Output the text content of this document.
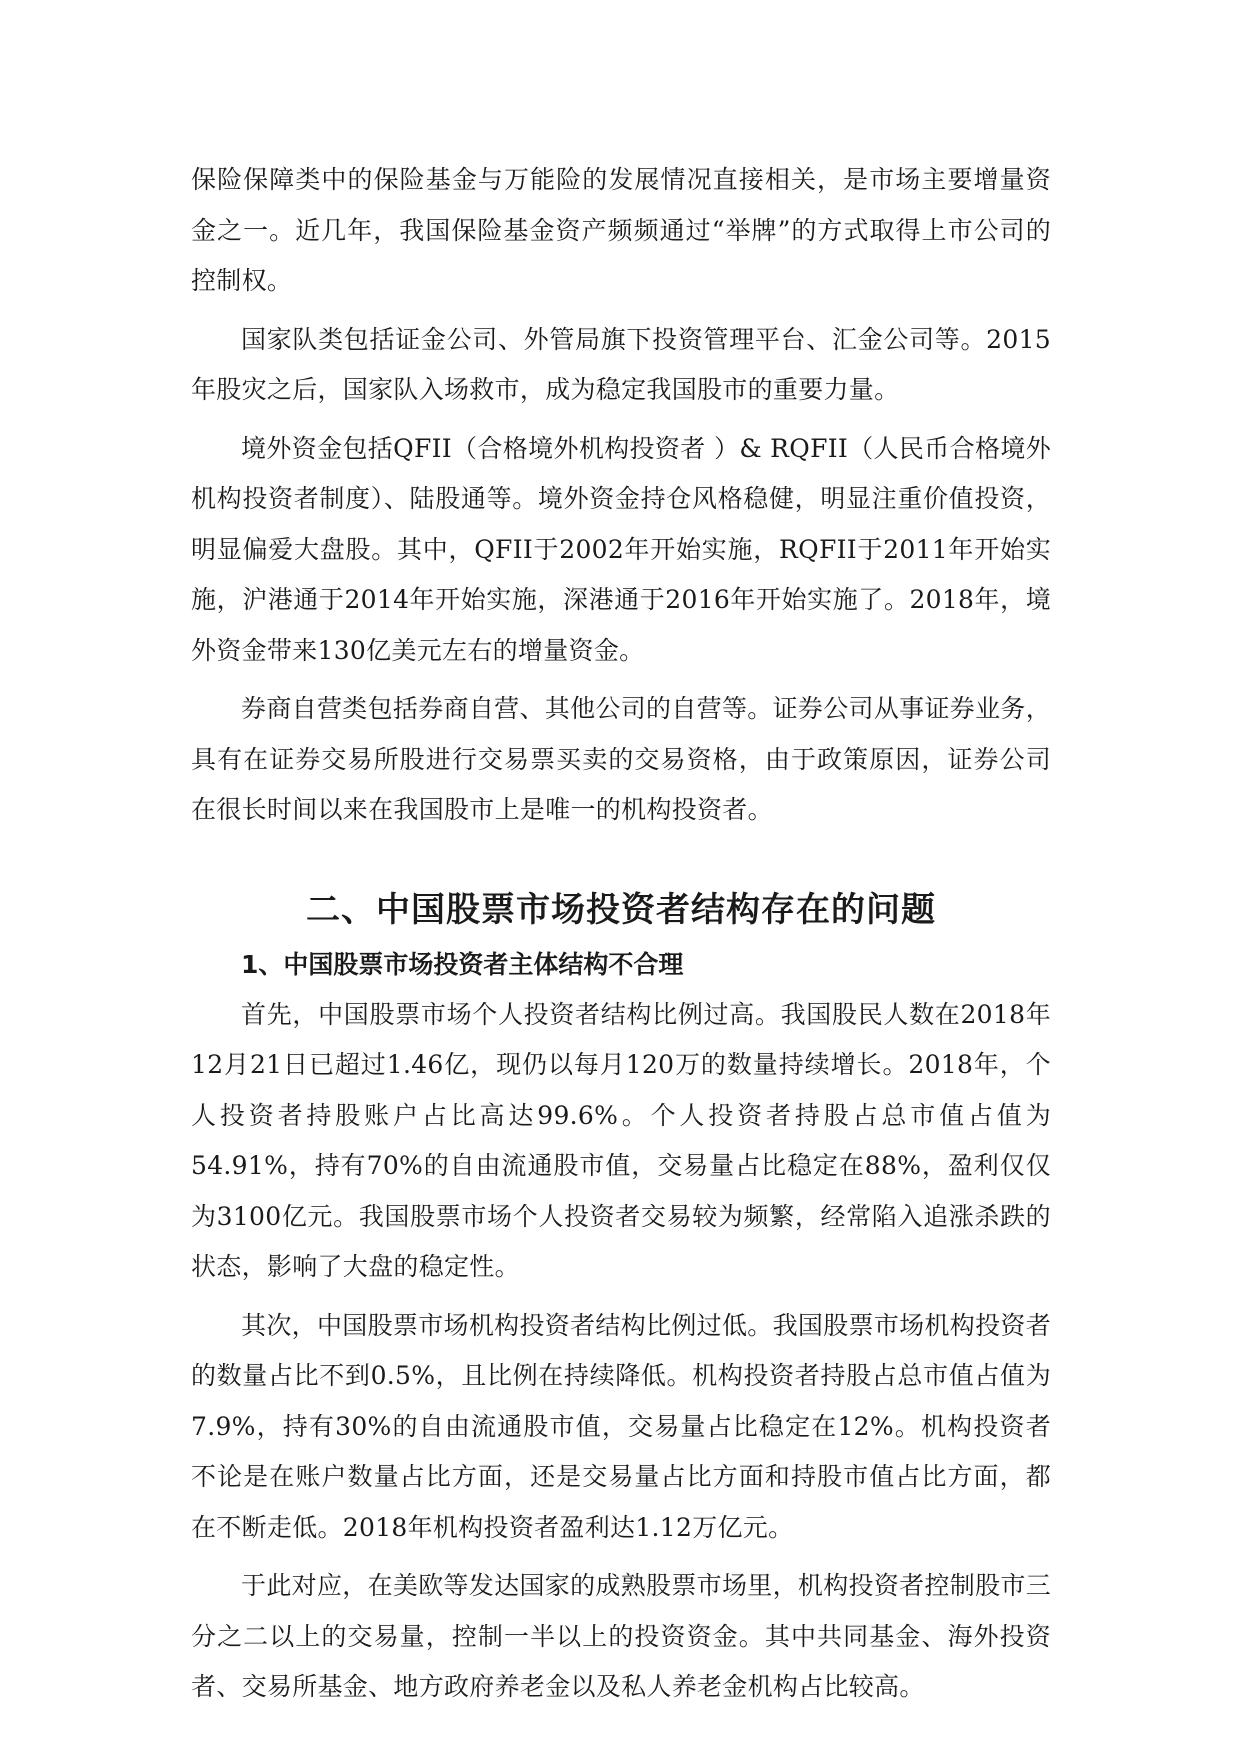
保险保障类中的保险基金与万能险的发展情况直接相关，是市场主要增量资金之一。近几年，我国保险基金资产频频通过“举牌”的方式取得上市公司的控制权。

国家队类包括证金公司、外管局旗下投资管理平台、汇金公司等。2015年股灾之后，国家队入场救市，成为稳定我国股市的重要力量。

境外资金包括QFII（合格境外机构投资者 ）& RQFII（人民币合格境外机构投资者制度）、陆股通等。境外资金持仓风格稳健，明显注重价值投资，明显偏爱大盘股。其中，QFII于2002年开始实施，RQFII于2011年开始实施，沪港通于2014年开始实施，深港通于2016年开始实施了。2018年，境外资金带来130亿美元左右的增量资金。

券商自营类包括券商自营、其他公司的自营等。证券公司从事证券业务，具有在证券交易所股进行交易票买卖的交易资格，由于政策原因，证券公司在很长时间以来在我国股市上是唯一的机构投资者。

二、中国股票市场投资者结构存在的问题
1、中国股票市场投资者主体结构不合理

首先，中国股票市场个人投资者结构比例过高。我国股民人数在2018年12月21日已超过1.46亿，现仍以每月120万的数量持续增长。2018年，个人投资者持股账户占比高达99.6%。个人投资者持股占总市值占值为54.91%，持有70%的自由流通股市值，交易量占比稳定在88%，盈利仅仅为3100亿元。我国股票市场个人投资者交易较为频繁，经常陷入追涨杀跌的状态，影响了大盘的稳定性。

其次，中国股票市场机构投资者结构比例过低。我国股票市场机构投资者的数量占比不到0.5%，且比例在持续降低。机构投资者持股占总市值占值为7.9%，持有30%的自由流通股市值，交易量占比稳定在12%。机构投资者不论是在账户数量占比方面，还是交易量占比方面和持股市值占比方面，都在不断走低。2018年机构投资者盈利达1.12万亿元。

于此对应，在美欧等发达国家的成熟股票市场里，机构投资者控制股市三分之二以上的交易量，控制一半以上的投资资金。其中共同基金、海外投资者、交易所基金、地方政府养老金以及私人养老金机构占比较高。
